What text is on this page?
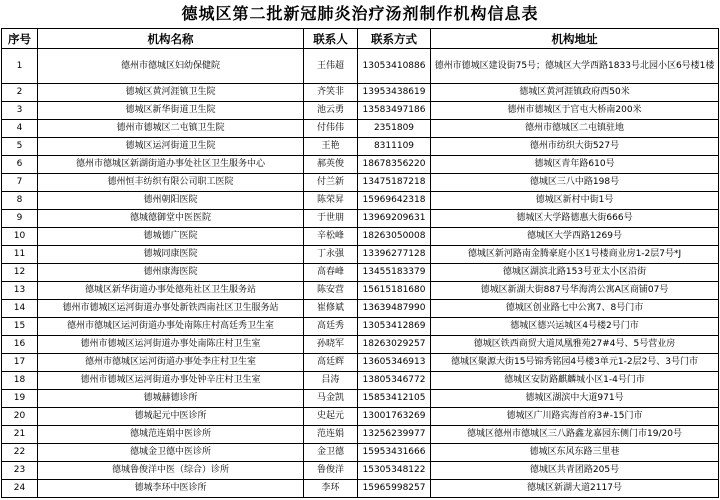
德城区第二批新冠肺炎治疗汤剂制作机构信息表
序号	机构名称	联系人	联系方式	机构地址
1	德州市德城区妇幼保健院	王伟超	13053410886	德州市德城区建设街75号；德城区大学西路1833号北园小区6号楼1楼
2	德城区黄河涯镇卫生院	齐笑非	13953438619	德城区黄河涯镇政府西50米
3	德城区新华街道卫生院	池云勇	13583497186	德州市德城区于官屯大桥南200米
4	德州市德城区二屯镇卫生院	付伟伟	2351809	德州市德城区二屯镇驻地
5	德城区运河街道卫生院	王艳	8311109	德州市纺织大街527号
6	德州市德城区新湖街道办事处社区卫生服务中心	郝英俊	18678356220	德城区青年路610号
7	德州恒丰纺织有限公司职工医院	付兰新	13475187218	德城区三八中路198号
8	德州朝阳医院	陈荣昇	15969642318	德城区新村中街1号
9	德城德御堂中医医院	于世朋	13969209631	德城区大学路德惠大街666号
10	德城德广医院	辛松峰	18263050008	德城区大学西路1269号
11	德城同康医院	丁永强	13396277128	德城区新河路南金腾豪庭小区1号楼商业房1-2层7号*J
12	德州康海医院	高春峰	13455183379	德城区湖滨北路153号亚太小区沿街
13	德城区新华街道办事处德苑社区卫生服务站	陈安营	15615181680	德城区新湖大街887号华海湾公寓A区商铺07号
14	德州市德城区运河街道办事处新铁西南社区卫生服务站	崔修斌	13639487990	德城区创业路七中公寓7、8号门市
15	德州市德城区运河街道办事处南陈庄村高廷秀卫生室	高廷秀	13053412869	德城区德兴运城区4号楼2号门市
16	德州市德城区运河街道办事处南陈庄村卫生室	孙晓军	18263029257	德城区铁西商贸大道凤凰雅苑27#4号、5号营业房
17	德州市德城区运河街道办事处李庄村卫生室	高廷辉	13605346913	德城区聚源大街15号锦秀铭园4号楼3单元1-2层2号、3号门市
18	德州市德城区运河街道办事处钟辛庄村卫生室	吕涛	13805346772	德城区安防路麒麟城小区1-4号门市
19	德城赫德诊所	马金凯	15853412105	德城区湖滨中大道971号
20	德城起元中医诊所	史起元	13001763269	德城区广川路宾海首府3#-15门市
21	德城范连娟中医诊所	范连娟	13256239977	德城区德州市德城区三八路鑫龙嘉园东侧门市19/20号
22	德城金卫德中医诊所	金卫德	15953431666	德城区东风东路三里巷
23	德城鲁俊洋中医（综合）诊所	鲁俊洋	15305348122	德城区共青团路205号
24	德城李环中医诊所	李环	15965998257	德城区新湖大道2117号
